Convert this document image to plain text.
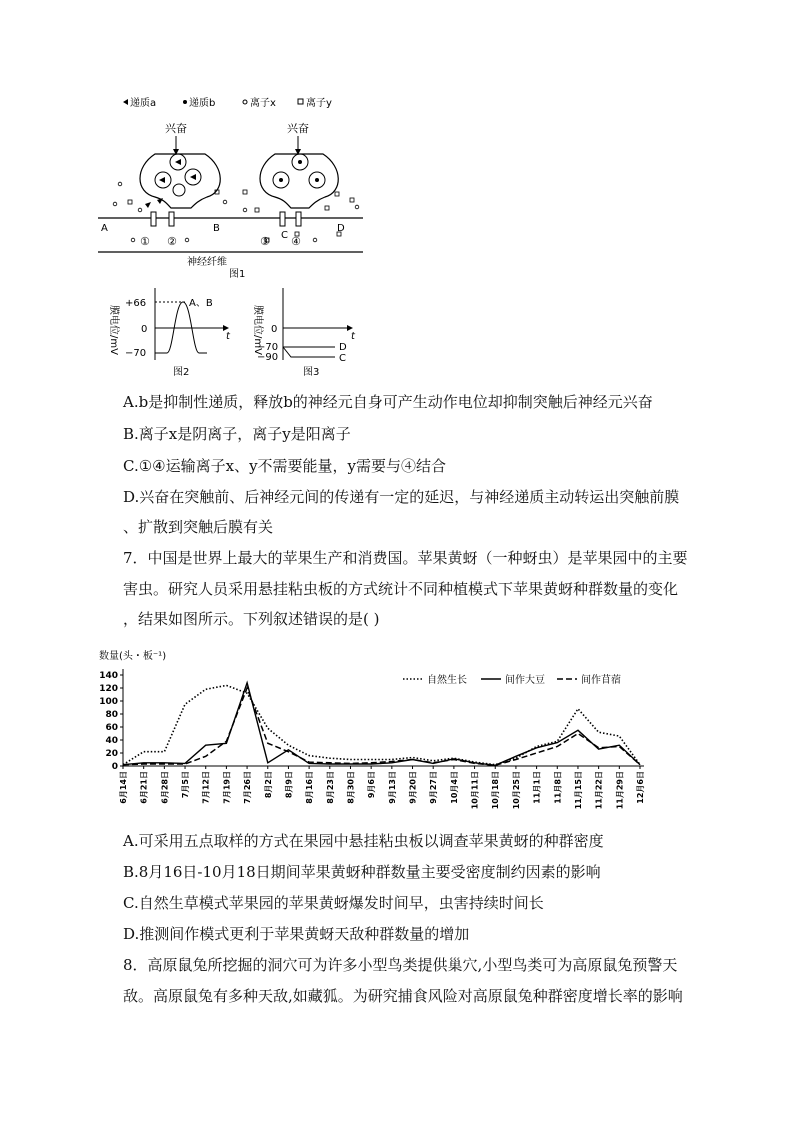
递质a	递质b	离子x	离子y
兴奋	兴奋
A	B
C
D
① ②	③ ④
神经纤维
图1
膜电位/mV
+66
0
−70
A、B
t
图2
膜电位/mV 0
−70
−90
D
C
t
图3
A.b是抑制性递质，释放b的神经元自身可产生动作电位却抑制突触后神经元兴奋
B.离子x是阴离子，离子y是阳离子
C.①④运输离子x、y不需要能量，y需要与④结合
D.兴奋在突触前、后神经元间的传递有一定的延迟，与神经递质主动转运出突触前膜
、扩散到突触后膜有关
7．中国是世界上最大的苹果生产和消费国。苹果黄蚜（一种蚜虫）是苹果园中的主要
害虫。研究人员采用悬挂粘虫板的方式统计不同种植模式下苹果黄蚜种群数量的变化
，结果如图所示。下列叙述错误的是( )
数量(头・板⁻¹)
0
20
40
60
80
100
120
140
6月14日 6月21日 6月28日 7月5日 7月12日 7月19日 7月26日 8月2日 8月9日 8月16日 8月23日 8月30日 9月6日 9月13日 9月20日 9月27日 10月4日 10月11日 10月18日 10月25日 11月1日 11月8日 11月15日 11月22日 11月29日 12月6日
自然生长	间作大豆	间作苜蓿
A.可采用五点取样的方式在果园中悬挂粘虫板以调查苹果黄蚜的种群密度
B.8月16日-10月18日期间苹果黄蚜种群数量主要受密度制约因素的影响
C.自然生草模式苹果园的苹果黄蚜爆发时间早，虫害持续时间长
D.推测间作模式更利于苹果黄蚜天敌种群数量的增加
8．高原鼠兔所挖掘的洞穴可为许多小型鸟类提供巢穴,小型鸟类可为高原鼠兔预警天
敌。高原鼠兔有多种天敌,如藏狐。为研究捕食风险对高原鼠兔种群密度增长率的影响
